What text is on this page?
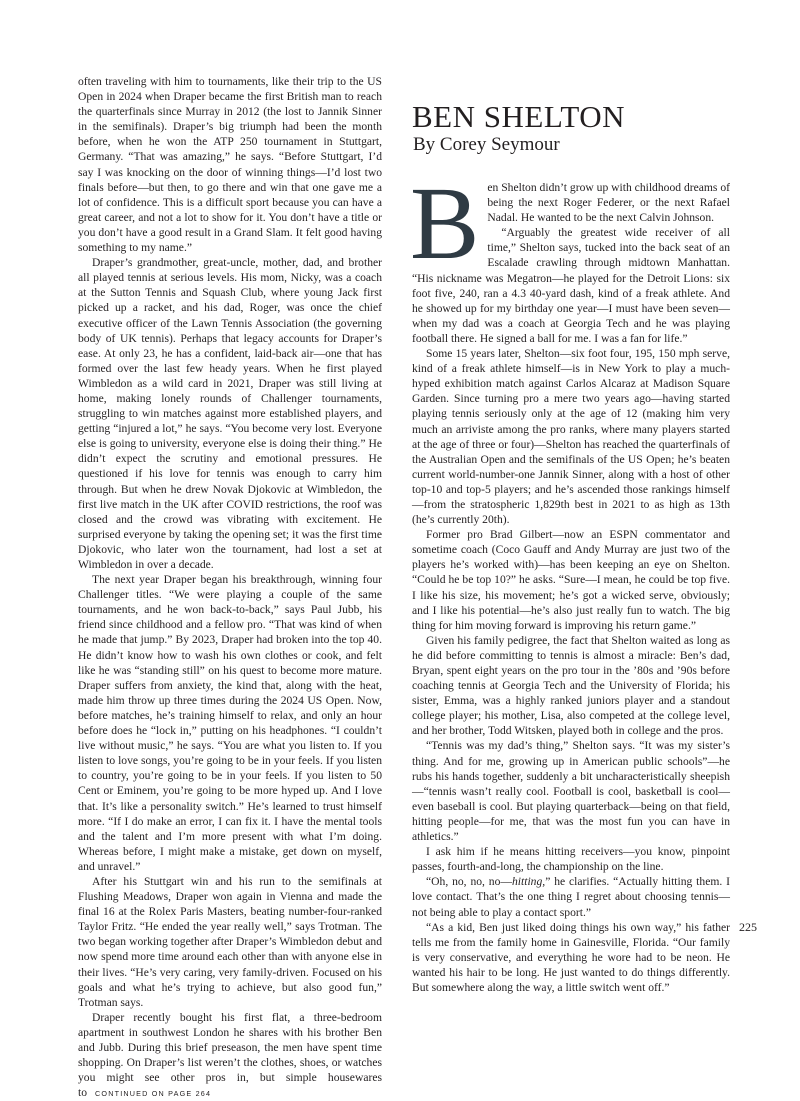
often traveling with him to tournaments, like their trip to the US Open in 2024 when Draper became the first British man to reach the quarterfinals since Murray in 2012 (the lost to Jannik Sinner in the semifinals). Draper’s big triumph had been the month before, when he won the ATP 250 tournament in Stuttgart, Germany. “That was amazing,” he says. “Before Stuttgart, I’d say I was knocking on the door of winning things—I’d lost two finals before—but then, to go there and win that one gave me a lot of confidence. This is a difficult sport because you can have a great career, and not a lot to show for it. You don’t have a title or you don’t have a good result in a Grand Slam. It felt good having something to my name.”

Draper’s grandmother, great-uncle, mother, dad, and brother all played tennis at serious levels. His mom, Nicky, was a coach at the Sutton Tennis and Squash Club, where young Jack first picked up a racket, and his dad, Roger, was once the chief executive officer of the Lawn Tennis Association (the governing body of UK tennis). Perhaps that legacy accounts for Draper’s ease. At only 23, he has a confident, laid-back air—one that has formed over the last few heady years. When he first played Wimbledon as a wild card in 2021, Draper was still living at home, making lonely rounds of Challenger tournaments, struggling to win matches against more established players, and getting “injured a lot,” he says. “You become very lost. Everyone else is going to university, everyone else is doing their thing.” He didn’t expect the scrutiny and emotional pressures. He questioned if his love for tennis was enough to carry him through. But when he drew Novak Djokovic at Wimbledon, the first live match in the UK after COVID restrictions, the roof was closed and the crowd was vibrating with excitement. He surprised everyone by taking the opening set; it was the first time Djokovic, who later won the tournament, had lost a set at Wimbledon in over a decade.

The next year Draper began his breakthrough, winning four Challenger titles. “We were playing a couple of the same tournaments, and he won back-to-back,” says Paul Jubb, his friend since childhood and a fellow pro. “That was kind of when he made that jump.” By 2023, Draper had broken into the top 40. He didn’t know how to wash his own clothes or cook, and felt like he was “standing still” on his quest to become more mature. Draper suffers from anxiety, the kind that, along with the heat, made him throw up three times during the 2024 US Open. Now, before matches, he’s training himself to relax, and only an hour before does he “lock in,” putting on his headphones. “I couldn’t live without music,” he says. “You are what you listen to. If you listen to love songs, you’re going to be in your feels. If you listen to country, you’re going to be in your feels. If you listen to 50 Cent or Eminem, you’re going to be more hyped up. And I love that. It’s like a personality switch.” He’s learned to trust himself more. “If I do make an error, I can fix it. I have the mental tools and the talent and I’m more present with what I’m doing. Whereas before, I might make a mistake, get down on myself, and unravel.”

After his Stuttgart win and his run to the semifinals at Flushing Meadows, Draper won again in Vienna and made the final 16 at the Rolex Paris Masters, beating number-four-ranked Taylor Fritz. “He ended the year really well,” says Trotman. The two began working together after Draper’s Wimbledon debut and now spend more time around each other than with anyone else in their lives. “He’s very caring, very family-driven. Focused on his goals and what he’s trying to achieve, but also good fun,” Trotman says.

Draper recently bought his first flat, a three-bedroom apartment in southwest London he shares with his brother Ben and Jubb. During this brief preseason, the men have spent time shopping. On Draper’s list weren’t the clothes, shoes, or watches you might see other pros in, but simple housewares to CONTINUED ON PAGE 264

BEN SHELTON

By Corey Seymour

Ben Shelton didn’t grow up with childhood dreams of being the next Roger Federer, or the next Rafael Nadal. He wanted to be the next Calvin Johnson.

“Arguably the greatest wide receiver of all time,” Shelton says, tucked into the back seat of an Escalade crawling through midtown Manhattan. “His nickname was Megatron—he played for the Detroit Lions: six foot five, 240, ran a 4.3 40-yard dash, kind of a freak athlete. And he showed up for my birthday one year—I must have been seven—when my dad was a coach at Georgia Tech and he was playing football there. He signed a ball for me. I was a fan for life.”

Some 15 years later, Shelton—six foot four, 195, 150 mph serve, kind of a freak athlete himself—is in New York to play a much-hyped exhibition match against Carlos Alcaraz at Madison Square Garden. Since turning pro a mere two years ago—having started playing tennis seriously only at the age of 12 (making him very much an arriviste among the pro ranks, where many players started at the age of three or four)—Shelton has reached the quarterfinals of the Australian Open and the semifinals of the US Open; he’s beaten current world-number-one Jannik Sinner, along with a host of other top-10 and top-5 players; and he’s ascended those rankings himself—from the stratospheric 1,829th best in 2021 to as high as 13th (he’s currently 20th).

Former pro Brad Gilbert—now an ESPN commentator and sometime coach (Coco Gauff and Andy Murray are just two of the players he’s worked with)—has been keeping an eye on Shelton. “Could he be top 10?” he asks. “Sure—I mean, he could be top five. I like his size, his movement; he’s got a wicked serve, obviously; and I like his potential—he’s also just really fun to watch. The big thing for him moving forward is improving his return game.”

Given his family pedigree, the fact that Shelton waited as long as he did before committing to tennis is almost a miracle: Ben’s dad, Bryan, spent eight years on the pro tour in the ’80s and ’90s before coaching tennis at Georgia Tech and the University of Florida; his sister, Emma, was a highly ranked juniors player and a standout college player; his mother, Lisa, also competed at the college level, and her brother, Todd Witsken, played both in college and the pros.

“Tennis was my dad’s thing,” Shelton says. “It was my sister’s thing. And for me, growing up in American public schools”—he rubs his hands together, suddenly a bit uncharacteristically sheepish—“tennis wasn’t really cool. Football is cool, basketball is cool—even baseball is cool. But playing quarterback—being on that field, hitting people—for me, that was the most fun you can have in athletics.”

I ask him if he means hitting receivers—you know, pinpoint passes, fourth-and-long, the championship on the line.

“Oh, no, no, no—hitting,” he clarifies. “Actually hitting them. I love contact. That’s the one thing I regret about choosing tennis—not being able to play a contact sport.”

“As a kid, Ben just liked doing things his own way,” his father tells me from the family home in Gainesville, Florida. “Our family is very conservative, and everything he wore had to be neon. He wanted his hair to be long. He just wanted to do things differently. But somewhere along the way, a little switch went off.”

225
